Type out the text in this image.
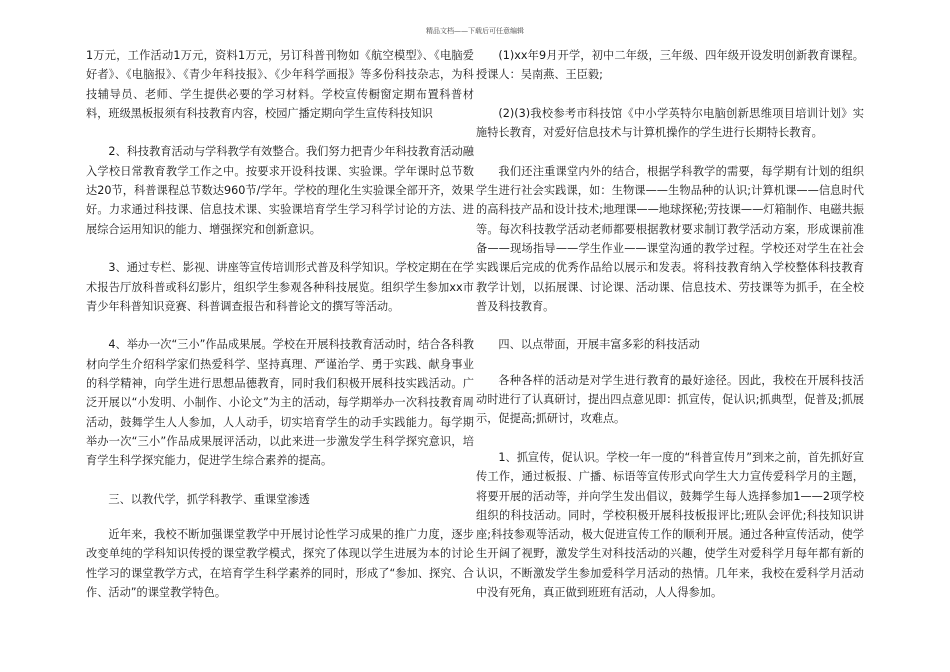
精品文档——下载后可任意编辑

1万元，工作活动1万元，资料1万元，另订科普刊物如《航空模型》、《电脑爱好者》、《电脑报》、《青少年科技报》、《少年科学画报》等多份科技杂志，为科技辅导员、老师、学生提供必要的学习材料。学校宣传橱窗定期布置科普材料，班级黑板报须有科技教育内容，校园广播定期向学生宣传科技知识

2、科技教育活动与学科教学有效整合。我们努力把青少年科技教育活动融入学校日常教育教学工作之中。按要求开设科技课、实验课。学年课时总节数达20节，科普课程总节数达960节/学年。学校的理化生实验课全部开齐，效果好。力求通过科技课、信息技术课、实验课培育学生学习科学讨论的方法、进展综合运用知识的能力、增强探究和创新意识。

3、通过专栏、影视、讲座等宣传培训形式普及科学知识。学校定期在在学术报告厅放科普或科幻影片，组织学生参观各种科技展览。组织学生参加xx市青少年科普知识竞赛、科普调查报告和科普论文的撰写等活动。

4、举办一次“三小”作品成果展。学校在开展科技教育活动时，结合各科教材向学生介绍科学家们热爱科学、坚持真理、严谨治学、勇于实践、献身事业的科学精神，向学生进行思想品德教育，同时我们积极开展科技实践活动。广泛开展以“小发明、小制作、小论文”为主的活动，每学期举办一次科技教育周活动，鼓舞学生人人参加，人人动手，切实培育学生的动手实践能力。每学期举办一次“三小”作品成果展评活动，以此来进一步激发学生科学探究意识，培育学生科学探究能力，促进学生综合素养的提高。

三、以教代学，抓学科教学、重课堂渗透

近年来，我校不断加强课堂教学中开展讨论性学习成果的推广力度，逐步改变单纯的学科知识传授的课堂教学模式，探究了体现以学生进展为本的讨论性学习的课堂教学方式，在培育学生科学素养的同时，形成了“参加、探究、合作、活动”的课堂教学特色。

(1)xx年9月开学，初中二年级，三年级、四年级开设发明创新教育课程。授课人：吴南燕、王臣毅;

(2)(3)我校参考市科技馆《中小学英特尔电脑创新思维项目培训计划》实施特长教育，对爱好信息技术与计算机操作的学生进行长期特长教育。

我们还注重课堂内外的结合，根据学科教学的需要，每学期有计划的组织学生进行社会实践课，如：生物课——生物品种的认识;计算机课——信息时代的高科技产品和设计技术;地理课——地球探秘;劳技课——灯箱制作、电磁共振等。每次科技教学活动老师都要根据教材要求制订教学活动方案，形成课前准备——现场指导——学生作业——课堂沟通的教学过程。学校还对学生在社会实践课后完成的优秀作品给以展示和发表。将科技教育纳入学校整体科技教育教学计划，以拓展课、讨论课、活动课、信息技术、劳技课等为抓手，在全校普及科技教育。

四、以点带面，开展丰富多彩的科技活动

各种各样的活动是对学生进行教育的最好途径。因此，我校在开展科技活动时进行了认真研讨，提出四点意见即：抓宣传，促认识;抓典型，促普及;抓展示，促提高;抓研讨，攻难点。

1、抓宣传，促认识。学校一年一度的“科普宣传月”到来之前，首先抓好宣传工作，通过板报、广播、标语等宣传形式向学生大力宣传爱科学月的主题，将要开展的活动等，并向学生发出倡议，鼓舞学生每人选择参加1——2项学校组织的科技活动。同时，学校积极开展科技板报评比;班队会评优;科技知识讲座;科技参观等活动，极大促进宣传工作的顺利开展。通过各种宣传活动，使学生开阔了视野，激发学生对科技活动的兴趣，使学生对爱科学月每年都有新的认识，不断激发学生参加爱科学月活动的热情。几年来，我校在爱科学月活动中没有死角，真正做到班班有活动，人人得参加。
